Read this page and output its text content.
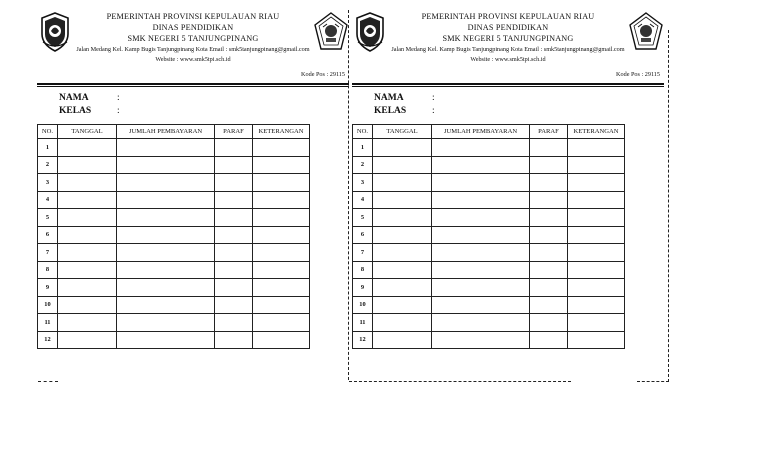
PEMERINTAH PROVINSI KEPULAUAN RIAU
DINAS PENDIDIKAN
SMK NEGERI 5 TANJUNGPINANG
Jalan Medang Kel. Kamp Bugis Tanjungpinang Kota Email : smk5tanjungpinang@gmail.com
Website : www.smk5tpi.sch.id
Kode Pos : 29115
NAMA	:
KELAS	:
NO.	TANGGAL	JUMLAH PEMBAYARAN	PARAF	KETERANGAN
1				
2				
3				
4				
5				
6				
7				
8				
9				
10				
11				
12				
PEMERINTAH PROVINSI KEPULAUAN RIAU
DINAS PENDIDIKAN
SMK NEGERI 5 TANJUNGPINANG
Jalan Medang Kel. Kamp Bugis Tanjungpinang Kota Email : smk5tanjungpinang@gmail.com
Website : www.smk5tpi.sch.id
Kode Pos : 29115
NAMA	:
KELAS	:
NO.	TANGGAL	JUMLAH PEMBAYARAN	PARAF	KETERANGAN
1				
2				
3				
4				
5				
6				
7				
8				
9				
10				
11				
12				
